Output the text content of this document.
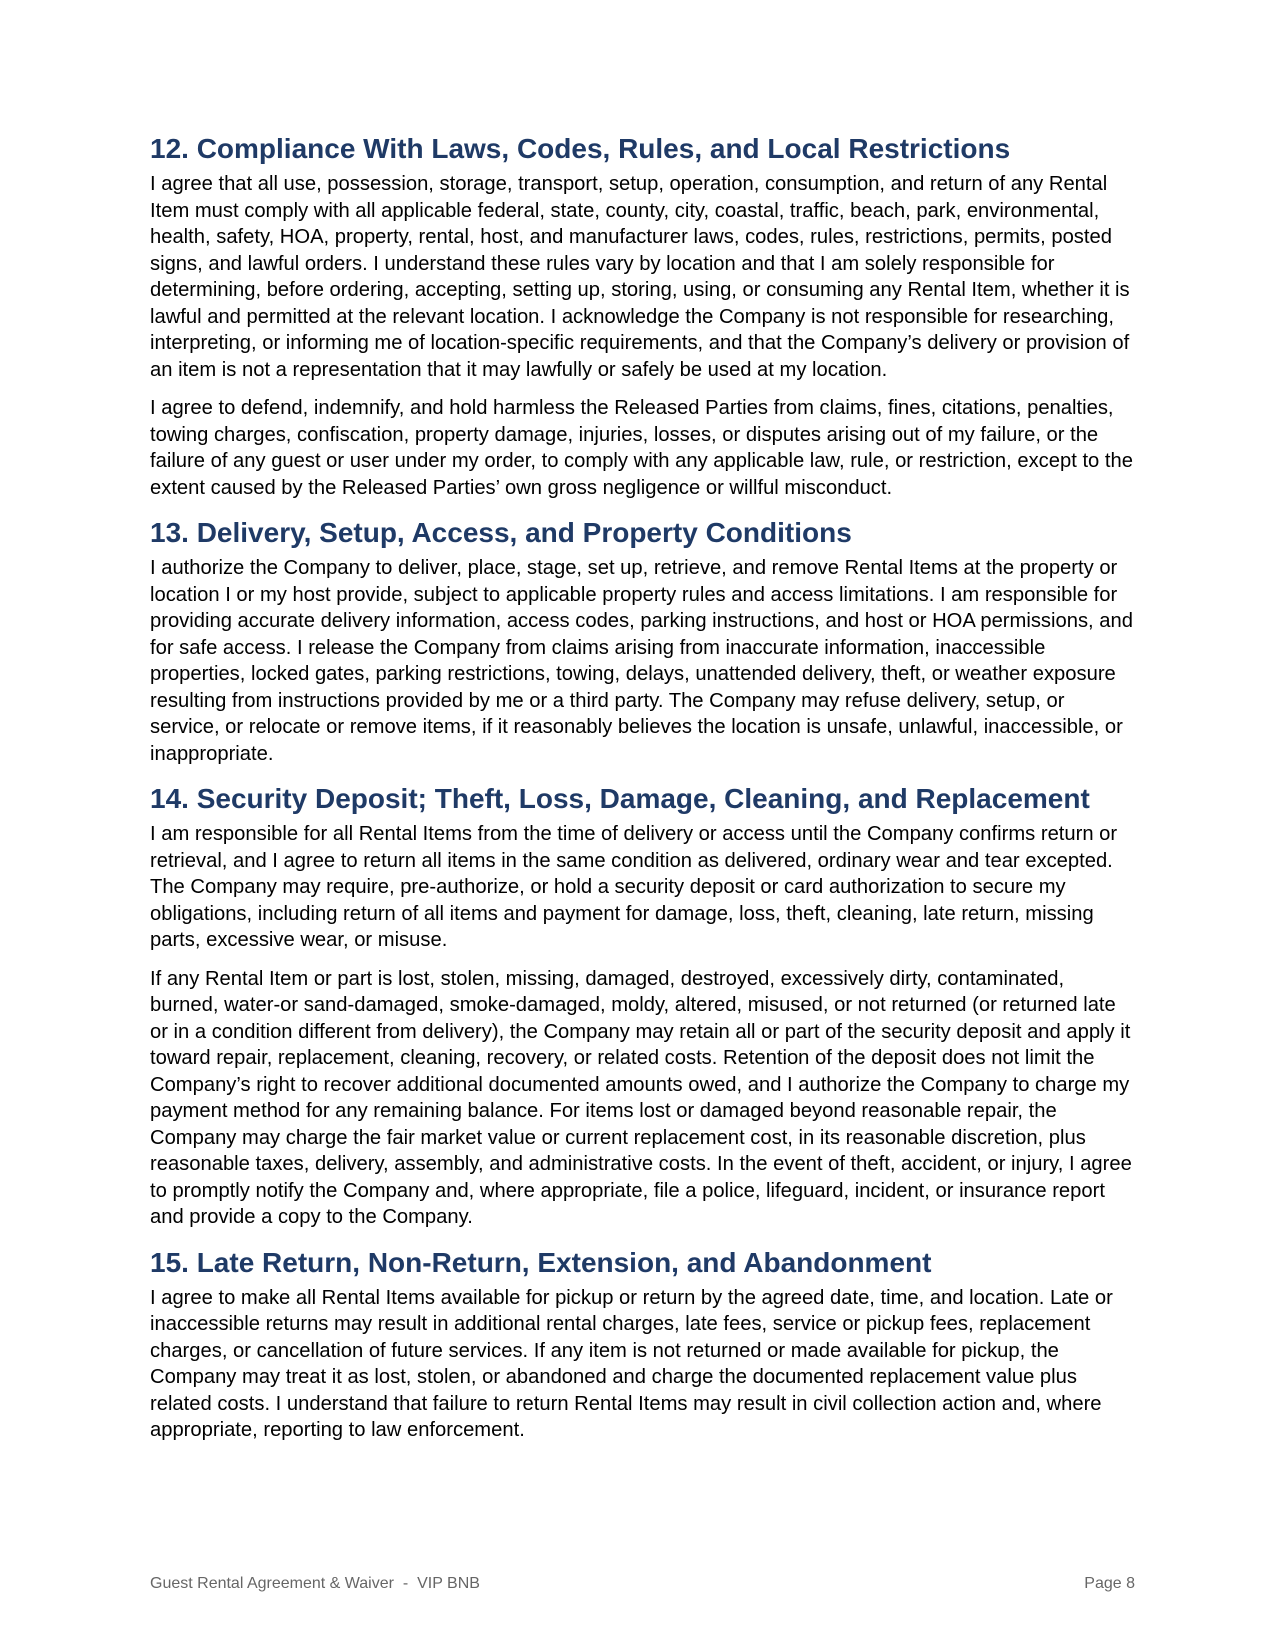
12. Compliance With Laws, Codes, Rules, and Local Restrictions

I agree that all use, possession, storage, transport, setup, operation, consumption, and return of any Rental Item must comply with all applicable federal, state, county, city, coastal, traffic, beach, park, environmental, health, safety, HOA, property, rental, host, and manufacturer laws, codes, rules, restrictions, permits, posted signs, and lawful orders. I understand these rules vary by location and that I am solely responsible for determining, before ordering, accepting, setting up, storing, using, or consuming any Rental Item, whether it is lawful and permitted at the relevant location. I acknowledge the Company is not responsible for researching, interpreting, or informing me of location-specific requirements, and that the Company’s delivery or provision of an item is not a representation that it may lawfully or safely be used at my location.

I agree to defend, indemnify, and hold harmless the Released Parties from claims, fines, citations, penalties, towing charges, confiscation, property damage, injuries, losses, or disputes arising out of my failure, or the failure of any guest or user under my order, to comply with any applicable law, rule, or restriction, except to the extent caused by the Released Parties’ own gross negligence or willful misconduct.

13. Delivery, Setup, Access, and Property Conditions

I authorize the Company to deliver, place, stage, set up, retrieve, and remove Rental Items at the property or location I or my host provide, subject to applicable property rules and access limitations. I am responsible for providing accurate delivery information, access codes, parking instructions, and host or HOA permissions, and for safe access. I release the Company from claims arising from inaccurate information, inaccessible properties, locked gates, parking restrictions, towing, delays, unattended delivery, theft, or weather exposure resulting from instructions provided by me or a third party. The Company may refuse delivery, setup, or service, or relocate or remove items, if it reasonably believes the location is unsafe, unlawful, inaccessible, or inappropriate.

14. Security Deposit; Theft, Loss, Damage, Cleaning, and Replacement

I am responsible for all Rental Items from the time of delivery or access until the Company confirms return or retrieval, and I agree to return all items in the same condition as delivered, ordinary wear and tear excepted. The Company may require, pre-authorize, or hold a security deposit or card authorization to secure my obligations, including return of all items and payment for damage, loss, theft, cleaning, late return, missing parts, excessive wear, or misuse.

If any Rental Item or part is lost, stolen, missing, damaged, destroyed, excessively dirty, contaminated, burned, water-or sand-damaged, smoke-damaged, moldy, altered, misused, or not returned (or returned late or in a condition different from delivery), the Company may retain all or part of the security deposit and apply it toward repair, replacement, cleaning, recovery, or related costs. Retention of the deposit does not limit the Company’s right to recover additional documented amounts owed, and I authorize the Company to charge my payment method for any remaining balance. For items lost or damaged beyond reasonable repair, the Company may charge the fair market value or current replacement cost, in its reasonable discretion, plus reasonable taxes, delivery, assembly, and administrative costs. In the event of theft, accident, or injury, I agree to promptly notify the Company and, where appropriate, file a police, lifeguard, incident, or insurance report and provide a copy to the Company.

15. Late Return, Non-Return, Extension, and Abandonment

I agree to make all Rental Items available for pickup or return by the agreed date, time, and location. Late or inaccessible returns may result in additional rental charges, late fees, service or pickup fees, replacement charges, or cancellation of future services. If any item is not returned or made available for pickup, the Company may treat it as lost, stolen, or abandoned and charge the documented replacement value plus related costs. I understand that failure to return Rental Items may result in civil collection action and, where appropriate, reporting to law enforcement.

Guest Rental Agreement & Waiver  -  VIP BNB	Page 8
